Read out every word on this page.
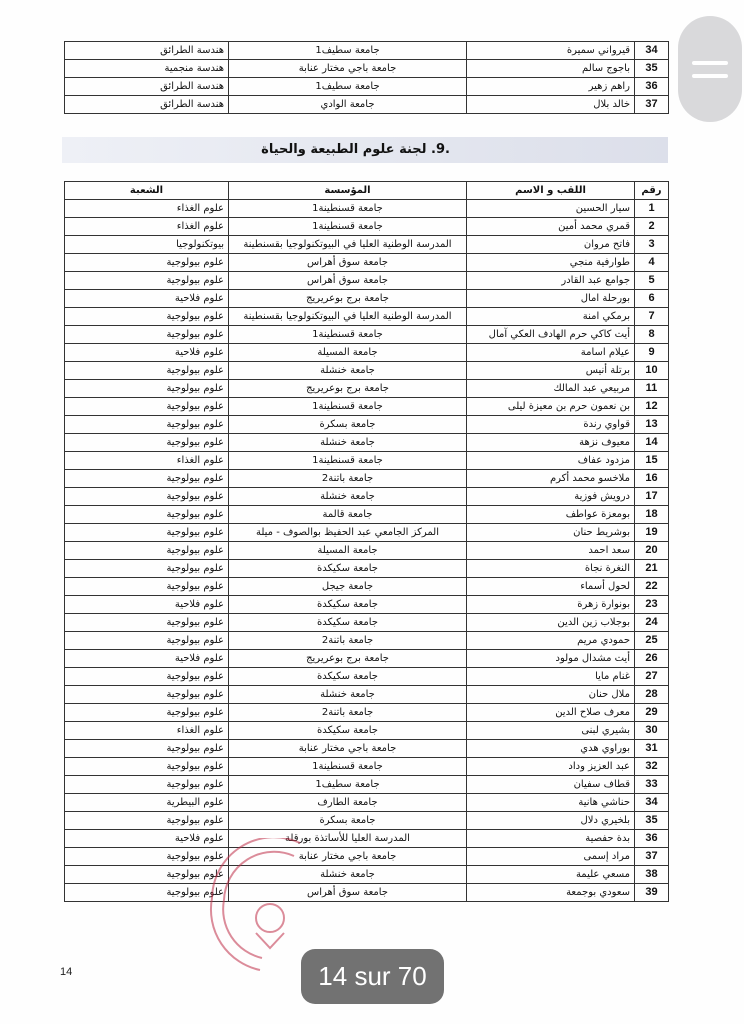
34	قيرواني سميرة	جامعة سطيف1	هندسة الطرائق
35	باجوج سالم	جامعة باجي مختار عنابة	هندسة منجمية
36	راهم زهير	جامعة سطيف1	هندسة الطرائق
37	خالد بلال	جامعة الوادي	هندسة الطرائق
.9. لجنة علوم الطبيعة والحياة
رقم	اللقب و الاسم	المؤسسة	الشعبة
1	سيار الحسين	جامعة قسنطينة1	علوم الغذاء
2	قمري محمد أمين	جامعة قسنطينة1	علوم الغذاء
3	فاتح مروان	المدرسة الوطنية العليا في البيوتكنولوجيا بقسنطينة	بيوتكنولوجيا
4	طوارفية منجي	جامعة سوق أهراس	علوم بيولوجية
5	جوامع عبد القادر	جامعة سوق أهراس	علوم بيولوجية
6	بورحلة امال	جامعة برج بوعريريج	علوم فلاحية
7	برمكي امنة	المدرسة الوطنية العليا في البيوتكنولوجيا بقسنطينة	علوم بيولوجية
8	أيت كاكي حرم الهادف العكي آمال	جامعة قسنطينة1	علوم بيولوجية
9	عيلام اسامة	جامعة المسيلة	علوم فلاحية
10	برتلة أنيس	جامعة خنشلة	علوم بيولوجية
11	مربيعي عبد المالك	جامعة برج بوعريريج	علوم بيولوجية
12	بن نعمون حرم بن معيزة ليلى	جامعة قسنطينة1	علوم بيولوجية
13	قواوي رندة	جامعة بسكرة	علوم بيولوجية
14	معيوف نزهة	جامعة خنشلة	علوم بيولوجية
15	مزدود عفاف	جامعة قسنطينة1	علوم الغذاء
16	ملاخسو محمد أكرم	جامعة باتنة2	علوم بيولوجية
17	درويش فوزية	جامعة خنشلة	علوم بيولوجية
18	بومعزة عواطف	جامعة قالمة	علوم بيولوجية
19	بوشريط حنان	المركز الجامعي عبد الحفيظ بوالصوف - ميلة	علوم بيولوجية
20	سعد احمد	جامعة المسيلة	علوم بيولوجية
21	النغرة نجاة	جامعة سكيكدة	علوم بيولوجية
22	لحول أسماء	جامعة جيجل	علوم بيولوجية
23	بونوارة زهرة	جامعة سكيكدة	علوم فلاحية
24	بوجلاب زين الدين	جامعة سكيكدة	علوم بيولوجية
25	حمودي مريم	جامعة باتنة2	علوم بيولوجية
26	أيت مشدال مولود	جامعة برج بوعريريج	علوم فلاحية
27	غنام مايا	جامعة سكيكدة	علوم بيولوجية
28	ملال حنان	جامعة خنشلة	علوم بيولوجية
29	معرف صلاح الدين	جامعة باتنة2	علوم بيولوجية
30	بشيري لبنى	جامعة سكيكدة	علوم الغذاء
31	بوراوي هدي	جامعة باجي مختار عنابة	علوم بيولوجية
32	عبد العزيز وداد	جامعة قسنطينة1	علوم بيولوجية
33	قطاف سفيان	جامعة سطيف1	علوم بيولوجية
34	حناشي هانية	جامعة الطارف	علوم البيطرية
35	بلخيري دلال	جامعة بسكرة	علوم بيولوجية
36	بدة حفصية	المدرسة العليا للأساتذة بورقلة	علوم فلاحية
37	مراد إسمى	جامعة باجي مختار عنابة	علوم بيولوجية
38	مسعي عليمة	جامعة خنشلة	علوم بيولوجية
39	سعودي بوجمعة	جامعة سوق أهراس	علوم بيولوجية
14	14 sur 70
